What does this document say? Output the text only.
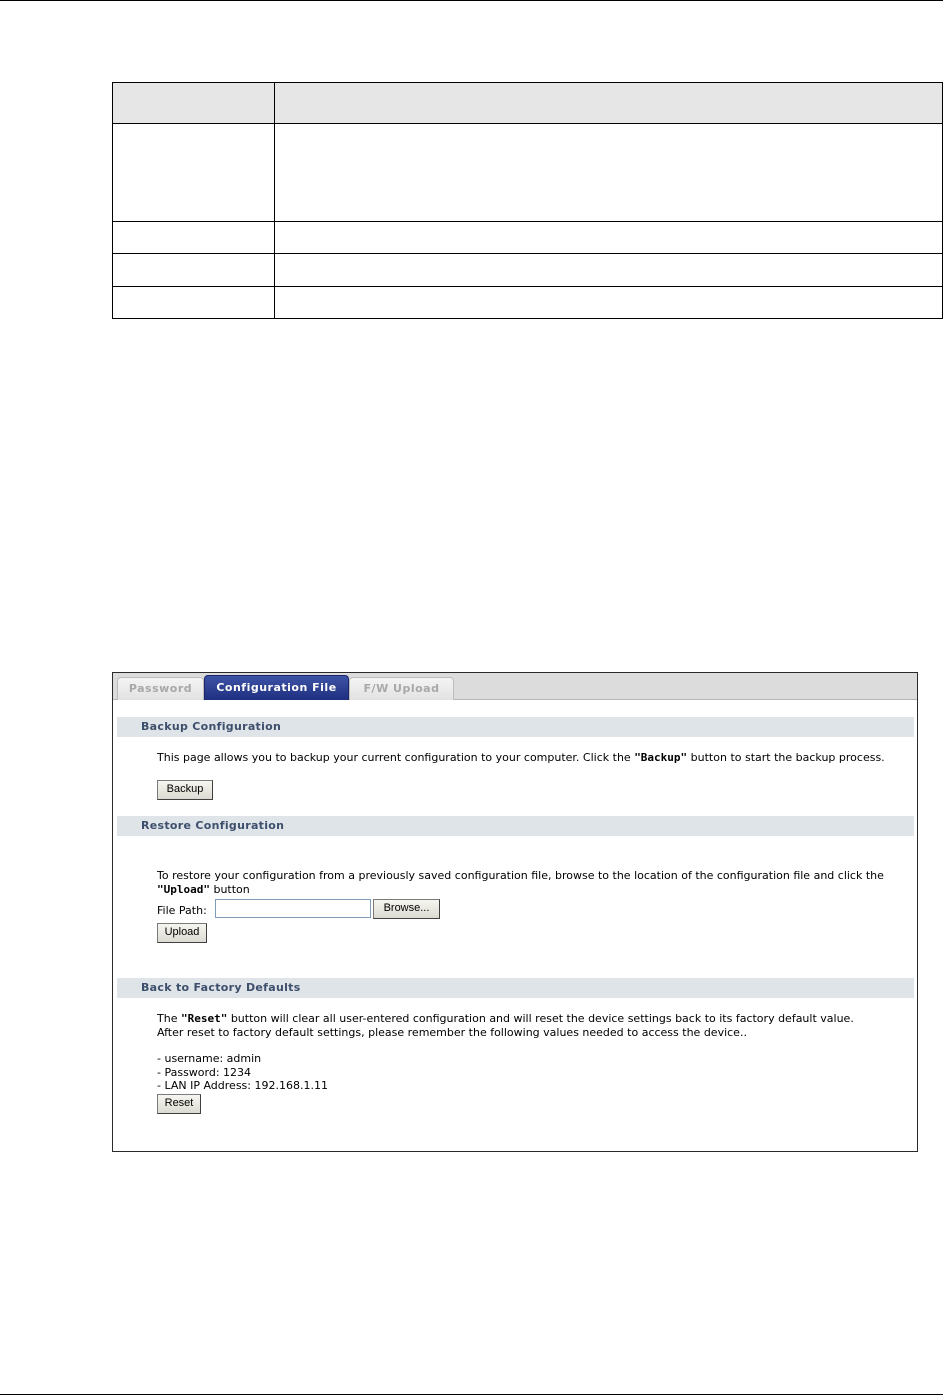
Password	Configuration File	F/W Upload
Backup Configuration
This page allows you to backup your current configuration to your computer. Click the "Backup" button to start the backup process.
Backup
Restore Configuration
To restore your configuration from a previously saved configuration file, browse to the location of the configuration file and click the "Upload" button
File Path:	Browse...
Upload
Back to Factory Defaults
The "Reset" button will clear all user-entered configuration and will reset the device settings back to its factory default value. After reset to factory default settings, please remember the following values needed to access the device..
- username: admin
- Password: 1234
- LAN IP Address: 192.168.1.11
Reset
